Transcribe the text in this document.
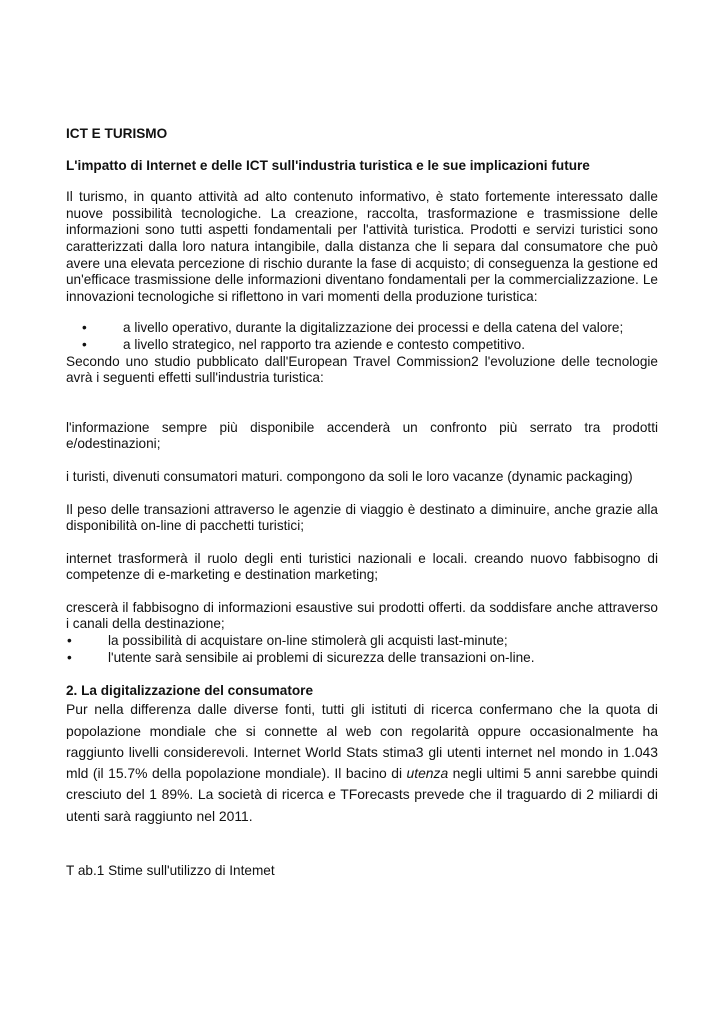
ICT E TURISMO

L'impatto di Internet e delle ICT sull'industria turistica e le sue implicazioni future

Il turismo, in quanto attività ad alto contenuto informativo, è stato fortemente interessato dalle nuove possibilità tecnologiche. La creazione, raccolta, trasformazione e trasmissione delle informazioni sono tutti aspetti fondamentali per l'attività turistica. Prodotti e servizi turistici sono caratterizzati dalla loro natura intangibile, dalla distanza che li separa dal consumatore che può avere una elevata percezione di rischio durante la fase di acquisto; di conseguenza la gestione ed un'efficace trasmissione delle informazioni diventano fondamentali per la commercializzazione. Le innovazioni tecnologiche si riflettono in vari momenti della produzione turistica:

•	a livello operativo, durante la digitalizzazione dei processi e della catena del valore;
•	a livello strategico, nel rapporto tra aziende e contesto competitivo.

Secondo uno studio pubblicato dall'European Travel Commission2 l'evoluzione delle tecnologie avrà i seguenti effetti sull'industria turistica:

l'informazione sempre più disponibile accenderà un confronto più serrato tra prodotti e/odestinazioni;

i turisti, divenuti consumatori maturi. compongono da soli le loro vacanze (dynamic packaging)

Il peso delle transazioni attraverso le agenzie di viaggio è destinato a diminuire, anche grazie alla disponibilità on-line di pacchetti turistici;

internet trasformerà il ruolo degli enti turistici nazionali e locali. creando nuovo fabbisogno di competenze di e-marketing e destination marketing;

crescerà il fabbisogno di informazioni esaustive sui prodotti offerti. da soddisfare anche attraverso i canali della destinazione;

•	la possibilità di acquistare on-line stimolerà gli acquisti last-minute;
•	l'utente sarà sensibile ai problemi di sicurezza delle transazioni on-line.

2. La digitalizzazione del consumatore

Pur nella differenza dalle diverse fonti, tutti gli istituti di ricerca confermano che la quota di popolazione mondiale che si connette al web con regolarità oppure occasionalmente ha raggiunto livelli considerevoli. Internet World Stats stima3 gli utenti internet nel mondo in 1.043 mld (il 15.7% della popolazione mondiale). Il bacino di utenza negli ultimi 5 anni sarebbe quindi cresciuto del 1 89%. La società di ricerca e TForecasts prevede che il traguardo di 2 miliardi di utenti sarà raggiunto nel 2011.

T ab.1 Stime sull'utilizzo di Intemet
